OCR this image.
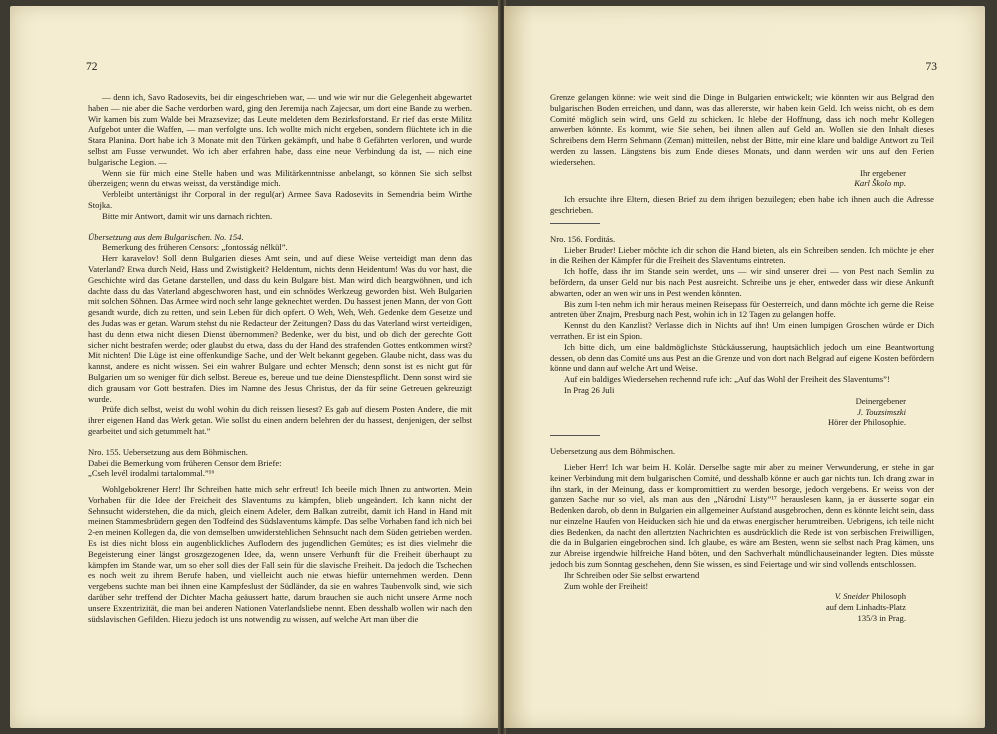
72

— denn ich, Savo Radosevits, bei dir eingeschrieben war, — und wie wir nur die Gelegenheit abgewartet haben — nie aber die Sache verdorben ward, ging den Jeremija nach Zajecsar, um dort eine Bande zu werben. Wir kamen bis zum Walde bei Mrazsevize; das Leute meldeten dem Bezirksforstand. Er rief das erste Militz Aufgebot unter die Waffen, — man verfolgte uns. Ich wollte mich nicht ergeben, sondern flüchtete ich in die Stara Planina. Dort habe ich 3 Monate mit den Türken gekämpft, und habe 8 Gefährten verloren, und wurde selbst am Fusse verwundet. Wo ich aber erfahren habe, dass eine neue Verbindung da ist, — nich eine bulgarische Legion. —

Wenn sie für mich eine Stelle haben und was Militärkenntnisse anbelangt, so können Sie sich selbst überzeigen; wenn du etwas weisst, da verständige mich.

Verbleibt untertänigst ihr Corporal in der regul(ar) Armee Sava Radosevits in Semendria beim Wirthe Stojka.

Bitte mir Antwort, damit wir uns darnach richten.

Übersetzung aus dem Bulgarischen. No. 154.

Bemerkung des früheren Censors: „fontosság nélkül”.

Herr karavelov! Soll denn Bulgarien dieses Amt sein, und auf diese Weise verteidigt man denn das Vaterland? Etwa durch Neid, Hass und Zwistigkeit? Heldentum, nichts denn Heidentum! Was du vor hast, die Geschichte wird das Getane darstellen, und dass du kein Bulgare bist. Man wird dich beargwöhnen, und ich dachte dass du das Vaterland abgeschworen hast, und ein schnödes Werkzeug geworden bist. Weh Bulgarien mit solchen Söhnen. Das Armee wird noch sehr lange geknechtet werden. Du hassest jenen Mann, der von Gott gesandt wurde, dich zu retten, und sein Leben für dich opfert. O Weh, Weh, Weh. Gedenke dem Gesetze und des Judas was er getan. Warum stehst du nie Redacteur der Zeitungen? Dass du das Vaterland wirst verteidigen, hast du denn etwa nicht diesen Dienst übernommen? Bedenke, wer du bist, und ob dich der gerechte Gott sicher nicht bestrafen werde; oder glaubst du etwa, dass du der Hand des strafenden Gottes entkommen wirst? Mit nichten! Die Lüge ist eine offenkundige Sache, und der Welt bekannt gegeben. Glaube nicht, dass was du kannst, andere es nicht wissen. Sei ein wahrer Bulgare und echter Mensch; denn sonst ist es nicht gut für Bulgarien um so weniger für dich selbst. Bereue es, bereue und tue deine Dienstespflicht. Denn sonst wird sie dich grausam vor Gott bestrafen. Dies im Namne des Jesus Christus, der da für seine Getreuen gekreuzigt wurde.

Prüfe dich selbst, weist du wohl wohin du dich reissen liesest? Es gab auf diesem Posten Andere, die mit ihrer eigenen Hand das Werk getan. Wie sollst du einen andern belehren der du hassest, denjenigen, der selbst gearbeitet und sich getummelt hat.”

Nro. 155. Uebersetzung aus dem Böhmischen.

Dabei die Bemerkung vom früheren Censor dem Briefe:

„Cseh levél irodalmi tartalommal.”¹⁶

Wohlgebokrener Herr! Ihr Schreiben hatte mich sehr erfreut! Ich beeile mich Ihnen zu antworten. Mein Vorhaben für die Idee der Freicheit des Slaventums zu kämpfen, blieb ungeändert. Ich kann nicht der Sehnsucht widerstehen, die da mich, gleich einem Adeler, dem Balkan zutreibt, damit ich Hand in Hand mit meinen Stammesbrüdern gegen den Todfeind des Südslaventums kämpfe. Das selbe Vorhaben fand ich nich bei 2-en meinen Kollegen da, die von demselben unwiderstehlichen Sehnsucht nach dem Süden getrieben werden. Es ist dies nicht bloss ein augenblickliches Auflodern des jugendlichen Gemütes; es ist dies vielmehr die Begeisterung einer längst groszgezogenen Idee, da, wenn unsere Verhunft für die Freiheit überhaupt zu kämpfen im Stande war, um so eher soll dies der Fall sein für die slavische Freiheit. Da jedoch die Tschechen es noch weit zu ihrem Berufe haben, und vielleicht auch nie etwas hiefür unternehmen werden. Denn vergebens suchte man bei ihnen eine Kampfeslust der Südländer, da sie en wahres Taubenvolk sind, wie sich darüber sehr treffend der Dichter Macha geäussert hatte, darum brauchen sie auch nicht unsere Arme noch unsere Exzentrizität, die man bei anderen Nationen Vaterlandsliebe nennt. Eben desshalb wollen wir nach den südslavischen Gefilden. Hiezu jedoch ist uns notwendig zu wissen, auf welche Art man über die

73

Grenze gelangen könne: wie weit sind die Dinge in Bulgarien entwickelt; wie könnten wir aus Belgrad den bulgarischen Boden erreichen, und dann, was das allererste, wir haben kein Geld. Ich weiss nicht, ob es dem Comité möglich sein wird, uns Geld zu schicken. Ic hlebe der Hoffnung, dass ich noch mehr Kollegen anwerben könnte. Es kommt, wie Sie sehen, bei ihnen allen auf Geld an. Wollen sie den Inhalt dieses Schreibens dem Herrn Sehmann (Zeman) mitteilen, nebst der Bitte, mir eine klare und baldige Antwort zu Teil werden zu lassen. Längstens bis zum Ende dieses Monats, und dann werden wir uns auf den Ferien wiedersehen.

Ihr ergebener

Karl Školo mp.

Ich ersuchte ihre Eltern, diesen Brief zu dem ihrigen bezuilegen; eben habe ich ihnen auch die Adresse geschrieben.

Nro. 156. Forditás.

Lieber Bruder! Lieber möchte ich dir schon die Hand bieten, als ein Schreiben senden. Ich möchte je eher in die Reihen der Kämpfer für die Freiheit des Slaventums eintreten.

Ich hoffe, dass ihr im Stande sein werdet, uns — wir sind unserer drei — von Pest nach Semlin zu befördern, da unser Geld nur bis nach Pest ausreicht. Schreibe uns je eher, entweder dass wir diese Ankunft abwarten, oder an wen wir uns in Pest wenden könnten.

Bis zum l-ten nehm ich mir heraus meinen Reisepass für Oesterreich, und dann möchte ich gerne die Reise antreten über Znajm, Presburg nach Pest, wohin ich in 12 Tagen zu gelangen hoffe.

Kennst du den Kanzlist? Verlasse dich in Nichts auf ihn! Um einen lumpigen Groschen würde er Dich verrathen. Er ist ein Spion.

Ich bitte dich, um eine baldmöglichste Stückäusserung, hauptsächlich jedoch um eine Beantwortung dessen, ob denn das Comité uns aus Pest an die Grenze und von dort nach Belgrad auf eigene Kosten befördern könne und dann auf welche Art und Weise.

Auf ein baldiges Wiedersehen rechennd rufe ich: „Auf das Wohl der Freiheit des Slaventums”!

In Prag 26 Juli

Deinergebener

J. Touzsimszki

Hörer der Philosophie.

Uebersetzung aus dem Böhmischen.

Lieber Herr! Ich war beim H. Kolár. Derselbe sagte mir aber zu meiner Verwunderung, er stehe in gar keiner Verbindung mit dem bulgarischen Comité, und desshalb könne er auch gar nichts tun. Ich drang zwar in ihn stark, in der Meinung, dass er kompromittiert zu werden besorge, jedoch vergebens. Er weiss von der ganzen Sache nur so viel, als man aus den „Národní Listy”¹⁷ herauslesen kann, ja er äusserte sogar ein Bedenken darob, ob denn in Bulgarien ein allgemeiner Aufstand ausgebrochen, denn es könnte leicht sein, dass nur einzelne Haufen von Heiducken sich hie und da etwas energischer herumtreiben. Uebrigens, ich teile nicht dies Bedenken, da nacht den allertzten Nachrichten es ausdrücklich die Rede ist von serbischen Freiwilligen, die da in Bulgarien eingebrochen sind. Ich glaube, es wäre am Besten, wenn sie selbst nach Prag kämen, uns zur Abreise irgendwie hilfreiche Hand böten, und den Sachverhalt mündlichauseinander legten. Dies müsste jedoch bis zum Sonntag geschehen, denn Sie wissen, es sind Feiertage und wir sind vollends entschlossen.

Ihr Schreiben oder Sie selbst erwartend

Zum wohle der Freiheit!

V. Sneider Philosoph

auf dem Linhadts-Platz

135/3 in Prag.
